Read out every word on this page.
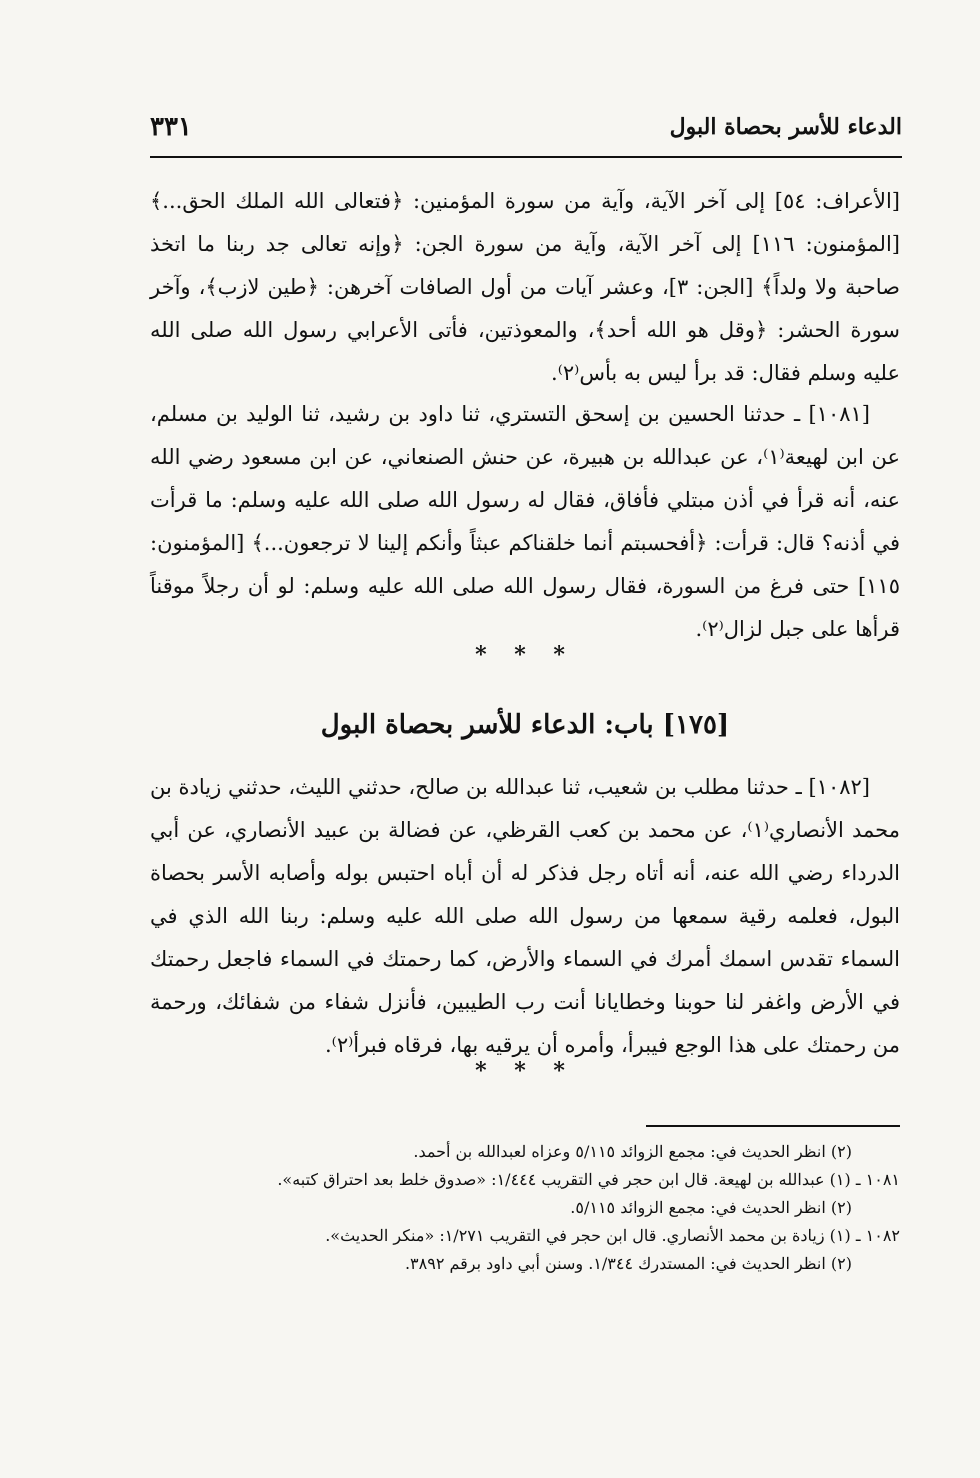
الدعاء للأسر بحصاة البول
٣٣١

[الأعراف: ٥٤] إلى آخر الآية، وآية من سورة المؤمنين: ﴿فتعالى الله الملك الحق...﴾ [المؤمنون: ١١٦] إلى آخر الآية، وآية من سورة الجن: ﴿وإنه تعالى جد ربنا ما اتخذ صاحبة ولا ولداً﴾ [الجن: ٣]، وعشر آيات من أول الصافات آخرهن: ﴿طين لازب﴾، وآخر سورة الحشر: ﴿وقل هو الله أحد﴾، والمعوذتين، فأتى الأعرابي رسول الله صلى الله عليه وسلم فقال: قد برأ ليس به بأس⁽٢⁾.

[١٠٨١] ـ حدثنا الحسين بن إسحق التستري، ثنا داود بن رشيد، ثنا الوليد بن مسلم، عن ابن لهيعة⁽١⁾، عن عبدالله بن هبيرة، عن حنش الصنعاني، عن ابن مسعود رضي الله عنه، أنه قرأ في أذن مبتلي فأفاق، فقال له رسول الله صلى الله عليه وسلم: ما قرأت في أذنه؟ قال: قرأت: ﴿أفحسبتم أنما خلقناكم عبثاً وأنكم إلينا لا ترجعون...﴾ [المؤمنون: ١١٥] حتى فرغ من السورة، فقال رسول الله صلى الله عليه وسلم: لو أن رجلاً موقناً قرأها على جبل لزال⁽٢⁾.

* * *
[١٧٥] باب: الدعاء للأسر بحصاة البول

[١٠٨٢] ـ حدثنا مطلب بن شعيب، ثنا عبدالله بن صالح، حدثني الليث، حدثني زيادة بن محمد الأنصاري⁽١⁾، عن محمد بن كعب القرظي، عن فضالة بن عبيد الأنصاري، عن أبي الدرداء رضي الله عنه، أنه أتاه رجل فذكر له أن أباه احتبس بوله وأصابه الأسر بحصاة البول، فعلمه رقية سمعها من رسول الله صلى الله عليه وسلم: ربنا الله الذي في السماء تقدس اسمك أمرك في السماء والأرض، كما رحمتك في السماء فاجعل رحمتك في الأرض واغفر لنا حوبنا وخطايانا أنت رب الطيبين، فأنزل شفاء من شفائك، ورحمة من رحمتك على هذا الوجع فيبرأ، وأمره أن يرقيه بها، فرقاه فبرأ⁽٢⁾.

* * *

(٢) انظر الحديث في: مجمع الزوائد ٥/١١٥ وعزاه لعبدالله بن أحمد.

١٠٨١ ـ (١) عبدالله بن لهيعة. قال ابن حجر في التقريب ١/٤٤٤: «صدوق خلط بعد احتراق كتبه».

(٢) انظر الحديث في: مجمع الزوائد ٥/١١٥.

١٠٨٢ ـ (١) زيادة بن محمد الأنصاري. قال ابن حجر في التقريب ١/٢٧١: «منكر الحديث».

(٢) انظر الحديث في: المستدرك ١/٣٤٤. وسنن أبي داود برقم ٣٨٩٢.
